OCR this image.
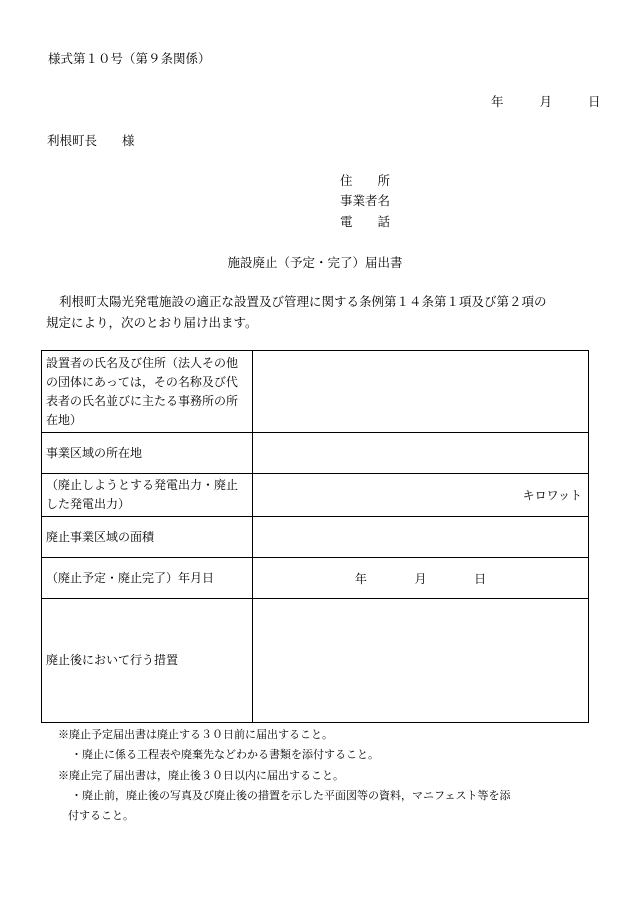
様式第１０号（第９条関係）
年	月	日
利根町長 様
住　　所
事業者名
電　　話
施設廃止（予定・完了）届出書
利根町太陽光発電施設の適正な設置及び管理に関する条例第１４条第１項及び第２項の
規定により，次のとおり届け出ます。
設置者の氏名及び住所（法人その他の団体にあっては，その名称及び代表者の氏名並びに主たる事務所の所在地）	
事業区域の所在地	
（廃止しようとする発電出力・廃止した発電出力）	キロワット

廃止事業区域の面積	
（廃止予定・廃止完了）年月日	年 月 日
廃止後において行う措置	
※廃止予定届出書は廃止する３０日前に届出すること。
・廃止に係る工程表や廃棄先などわかる書類を添付すること。
※廃止完了届出書は，廃止後３０日以内に届出すること。
・廃止前，廃止後の写真及び廃止後の措置を示した平面図等の資料，マニフェスト等を添
付すること。
